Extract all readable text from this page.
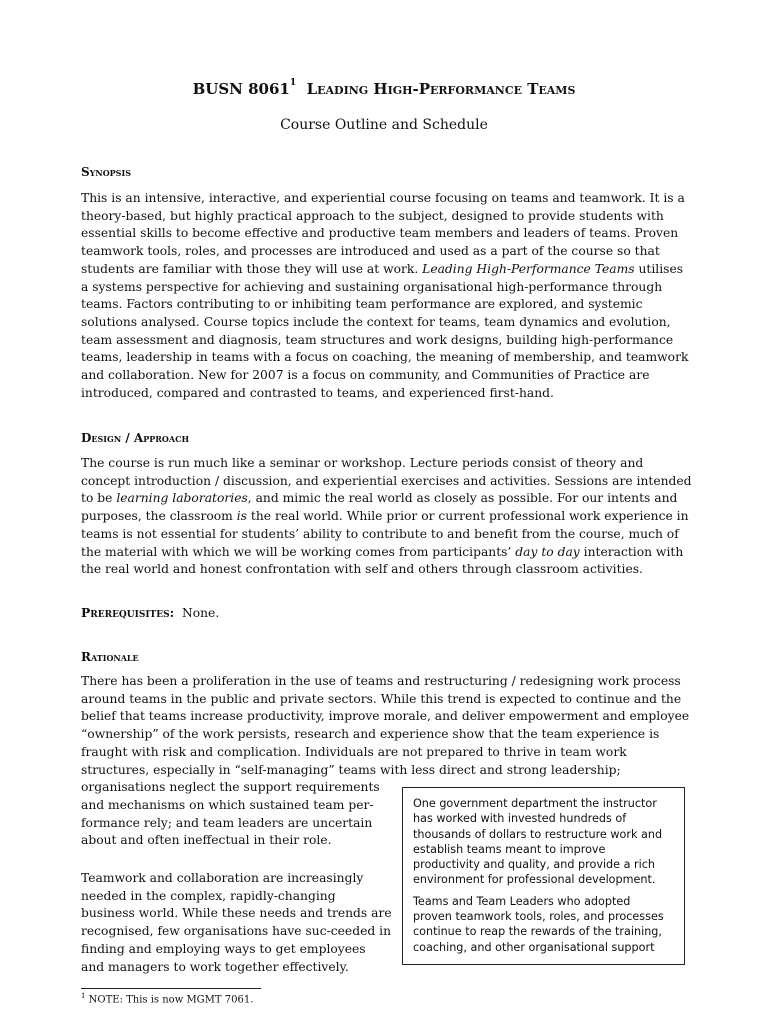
BUSN 8061$^1$ Leading High-Performance Teams
Course Outline and Schedule
Synopsis
This is an intensive, interactive, and experiential course focusing on teams and teamwork. It is a
theory-based, but highly practical approach to the subject, designed to provide students with
essential skills to become effective and productive team members and leaders of teams. Proven
teamwork tools, roles, and processes are introduced and used as a part of the course so that
students are familiar with those they will use at work. Leading High-Performance Teams utilises
a systems perspective for achieving and sustaining organisational high-performance through
teams. Factors contributing to or inhibiting team performance are explored, and systemic
solutions analysed. Course topics include the context for teams, team dynamics and evolution,
team assessment and diagnosis, team structures and work designs, building high-performance
teams, leadership in teams with a focus on coaching, the meaning of membership, and teamwork
and collaboration. New for 2007 is a focus on community, and Communities of Practice are
introduced, compared and contrasted to teams, and experienced first-hand.
Design / Approach
The course is run much like a seminar or workshop. Lecture periods consist of theory and
concept introduction / discussion, and experiential exercises and activities. Sessions are intended
to be learning laboratories, and mimic the real world as closely as possible. For our intents and
purposes, the classroom is the real world. While prior or current professional work experience in
teams is not essential for students’ ability to contribute to and benefit from the course, much of
the material with which we will be working comes from participants’ day to day interaction with
the real world and honest confrontation with self and others through classroom activities.
Prerequisites: None.
Rationale
There has been a proliferation in the use of teams and restructuring / redesigning work process
around teams in the public and private sectors. While this trend is expected to continue and the
belief that teams increase productivity, improve morale, and deliver empowerment and employee
“ownership” of the work persists, research and experience show that the team experience is
fraught with risk and complication. Individuals are not prepared to thrive in team work
structures, especially in “self-managing” teams with less direct and strong leadership;
organisations neglect the support requirements
and mechanisms on which sustained team per-
formance rely; and team leaders are uncertain
about and often ineffectual in their role.
Teamwork and collaboration are increasingly
needed in the complex, rapidly-changing
business world. While these needs and trends are
recognised, few organisations have suc-ceeded in
finding and employing ways to get employees
and managers to work together effectively.
One government department the instructor
has worked with invested hundreds of
thousands of dollars to restructure work and
establish teams meant to improve
productivity and quality, and provide a rich
environment for professional development.
Teams and Team Leaders who adopted
proven teamwork tools, roles, and processes
continue to reap the rewards of the training,
coaching, and other organisational support
$^1$ NOTE: This is now MGMT 7061.
